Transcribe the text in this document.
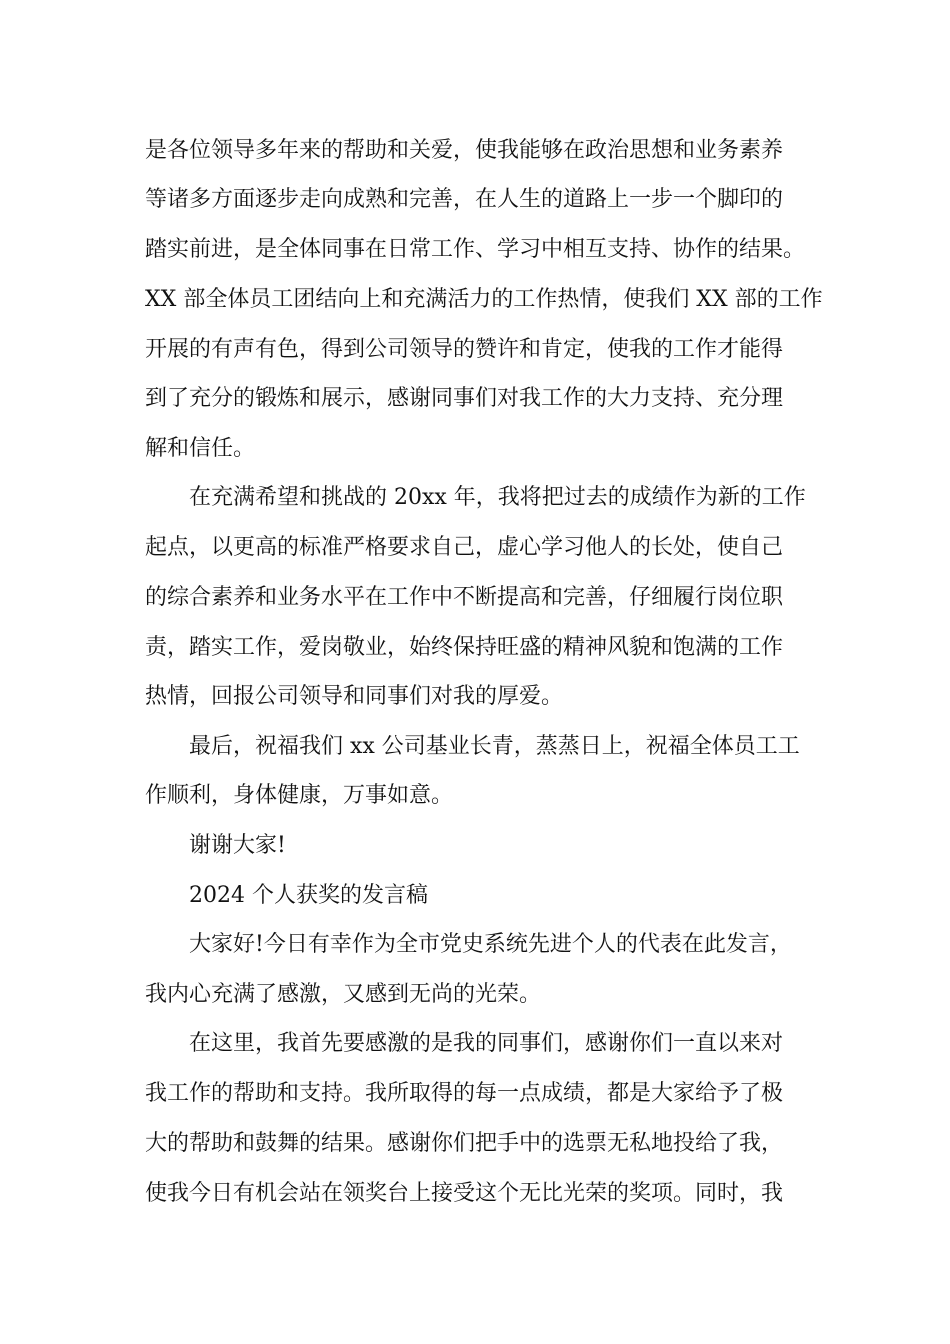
是各位领导多年来的帮助和关爱，使我能够在政治思想和业务素养
等诸多方面逐步走向成熟和完善，在人生的道路上一步一个脚印的
踏实前进，是全体同事在日常工作、学习中相互支持、协作的结果。
XX 部全体员工团结向上和充满活力的工作热情，使我们 XX 部的工作
开展的有声有色，得到公司领导的赞许和肯定，使我的工作才能得
到了充分的锻炼和展示，感谢同事们对我工作的大力支持、充分理
解和信任。
在充满希望和挑战的 20xx 年，我将把过去的成绩作为新的工作
起点，以更高的标准严格要求自己，虚心学习他人的长处，使自己
的综合素养和业务水平在工作中不断提高和完善，仔细履行岗位职
责，踏实工作，爱岗敬业，始终保持旺盛的精神风貌和饱满的工作
热情，回报公司领导和同事们对我的厚爱。
最后，祝福我们 xx 公司基业长青，蒸蒸日上，祝福全体员工工
作顺利，身体健康，万事如意。
谢谢大家!
2024 个人获奖的发言稿
大家好!今日有幸作为全市党史系统先进个人的代表在此发言，
我内心充满了感激，又感到无尚的光荣。
在这里，我首先要感激的是我的同事们，感谢你们一直以来对
我工作的帮助和支持。我所取得的每一点成绩，都是大家给予了极
大的帮助和鼓舞的结果。感谢你们把手中的选票无私地投给了我，
使我今日有机会站在领奖台上接受这个无比光荣的奖项。同时，我
